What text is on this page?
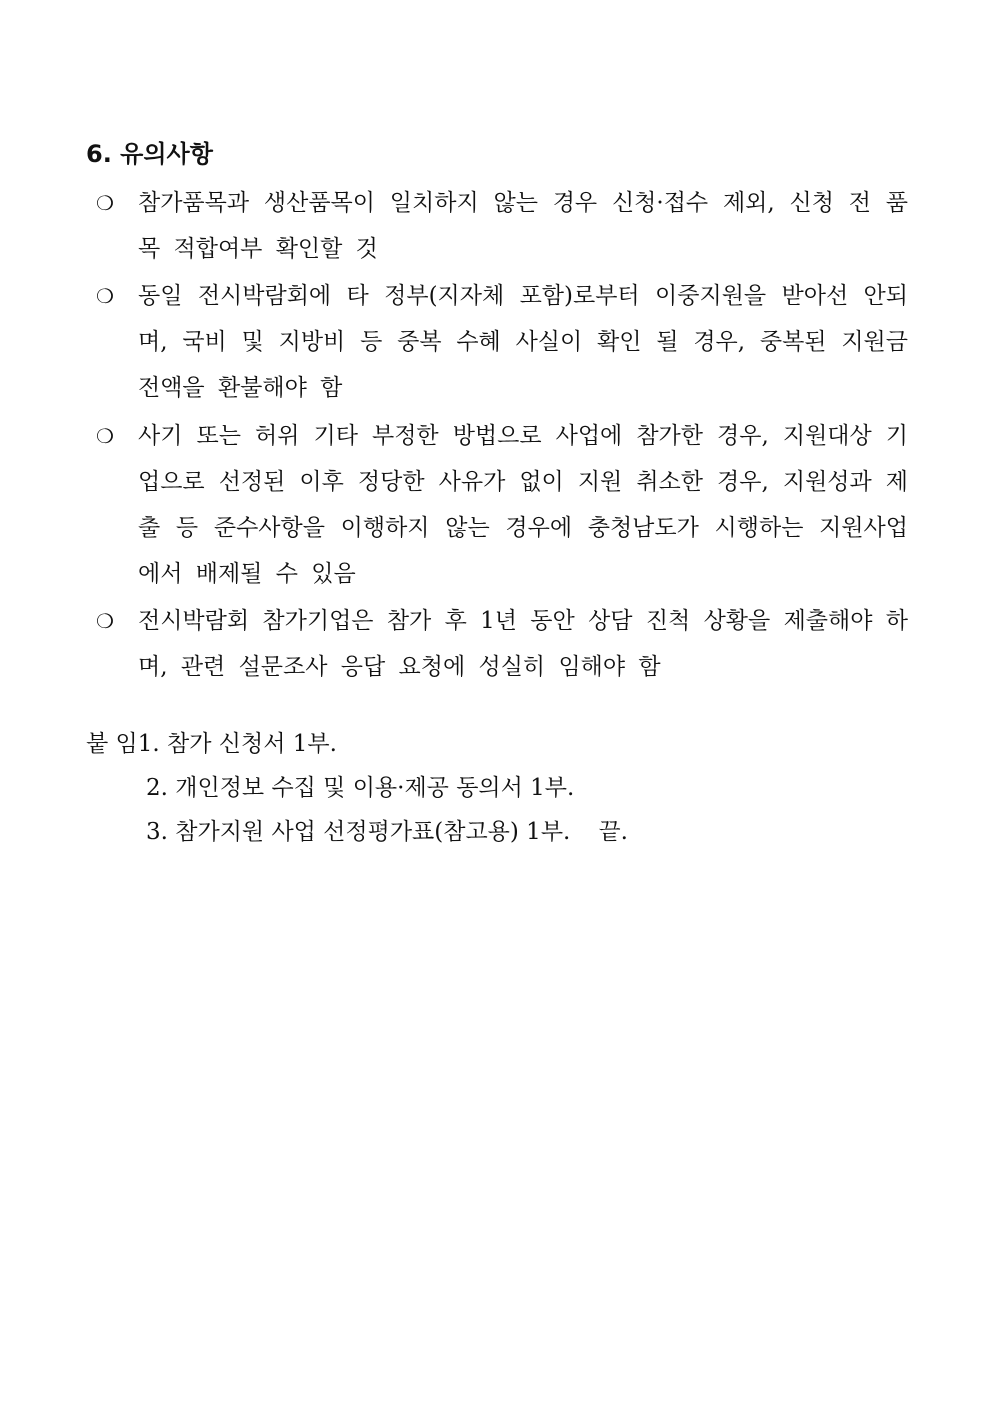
6. 유의사항
❍	참가품목과 생산품목이 일치하지 않는 경우 신청·접수 제외, 신청 전 품목 적합여부 확인할 것
❍	동일 전시박람회에 타 정부(지자체 포함)로부터 이중지원을 받아선 안되며, 국비 및 지방비 등 중복 수혜 사실이 확인 될 경우, 중복된 지원금 전액을 환불해야 함
❍	사기 또는 허위 기타 부정한 방법으로 사업에 참가한 경우, 지원대상 기업으로 선정된 이후 정당한 사유가 없이 지원 취소한 경우, 지원성과 제출 등 준수사항을 이행하지 않는 경우에 충청남도가 시행하는 지원사업에서 배제될 수 있음
❍	전시박람회 참가기업은 참가 후 1년 동안 상담 진척 상황을 제출해야 하며, 관련 설문조사 응답 요청에 성실히 임해야 함
붙 임1. 참가 신청서 1부.
2. 개인정보 수집 및 이용·제공 동의서 1부.
3. 참가지원 사업 선정평가표(참고용) 1부. 끝.
